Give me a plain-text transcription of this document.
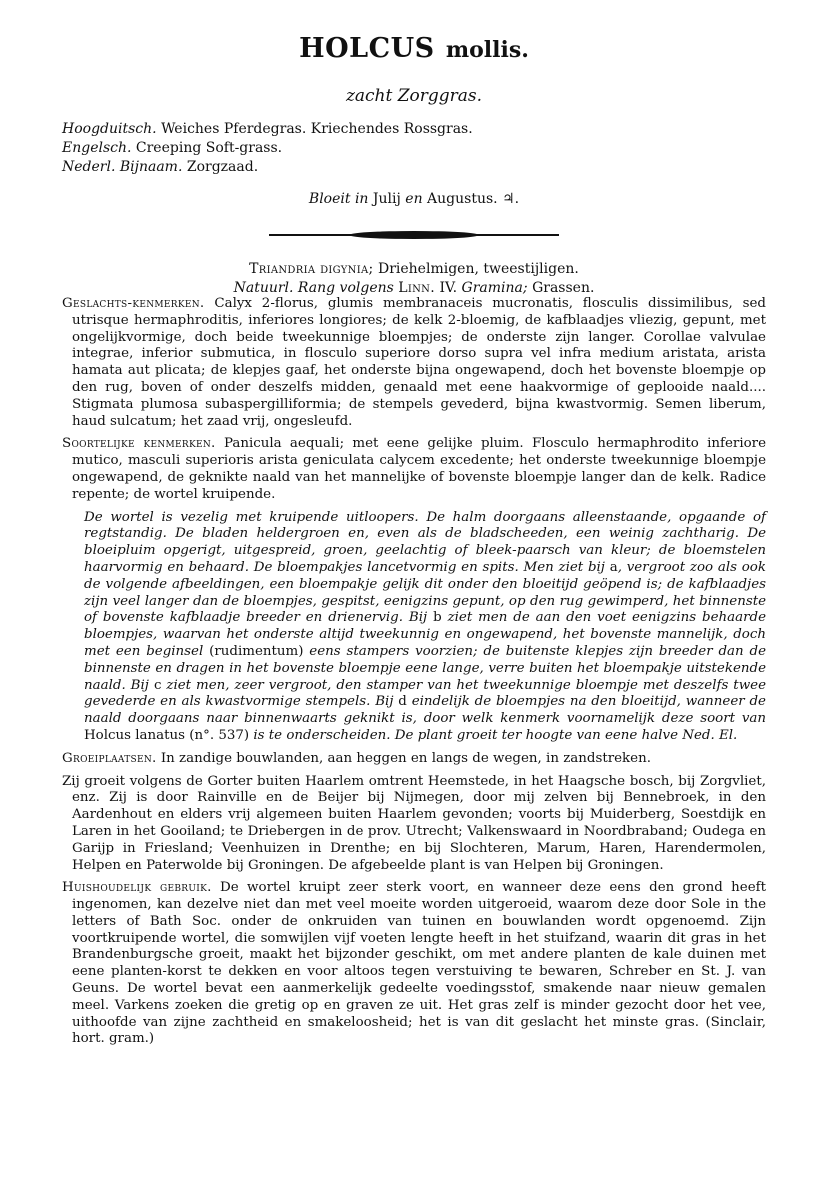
HOLCUS mollis.
zacht Zorggras.
Hoogduitsch. Weiches Pferdegras. Kriechendes Rossgras.
Engelsch. Creeping Soft-grass.
Nederl. Bijnaam. Zorgzaad.
Bloeit in Julij en Augustus. ♃.
Triandria digynia; Driehelmigen, tweestijligen.
Natuurl. Rang volgens Linn. IV. Gramina; Grassen.

Geslachts-kenmerken. Calyx 2-florus, glumis membranaceis mucronatis, flosculis dissimilibus, sed utrisque hermaphroditis, inferiores longiores; de kelk 2-bloemig, de kafblaadjes vliezig, gepunt, met ongelijkvormige, doch beide tweekunnige bloempjes; de onderste zijn langer. Corollae valvulae integrae, inferior submutica, in flosculo superiore dorso supra vel infra medium aristata, arista hamata aut plicata; de klepjes gaaf, het onderste bijna ongewapend, doch het bovenste bloempje op den rug, boven of onder deszelfs midden, genaald met eene haakvormige of geplooide naald.... Stigmata plumosa subaspergilliformia; de stempels gevederd, bijna kwastvormig. Semen liberum, haud sulcatum; het zaad vrij, ongesleufd.

Soortelijke kenmerken. Panicula aequali; met eene gelijke pluim. Flosculo hermaphrodito inferiore mutico, masculi superioris arista geniculata calycem excedente; het onderste tweekunnige bloempje ongewapend, de geknikte naald van het mannelijke of bovenste bloempje langer dan de kelk. Radice repente; de wortel kruipende.

De wortel is vezelig met kruipende uitloopers. De halm doorgaans alleenstaande, opgaande of regtstandig. De bladen heldergroen en, even als de bladscheeden, een weinig zachtharig. De bloeipluim opgerigt, uitgespreid, groen, geelachtig of bleek-paarsch van kleur; de bloemstelen haarvormig en behaard. De bloempakjes lancetvormig en spits. Men ziet bij a, vergroot zoo als ook de volgende afbeeldingen, een bloempakje gelijk dit onder den bloeitijd geöpend is; de kafblaadjes zijn veel langer dan de bloempjes, gespitst, eenigzins gepunt, op den rug gewimperd, het binnenste of bovenste kafblaadje breeder en drienervig. Bij b ziet men de aan den voet eenigzins behaarde bloempjes, waarvan het onderste altijd tweekunnig en ongewapend, het bovenste mannelijk, doch met een beginsel (rudimentum) eens stampers voorzien; de buitenste klepjes zijn breeder dan de binnenste en dragen in het bovenste bloempje eene lange, verre buiten het bloempakje uitstekende naald. Bij c ziet men, zeer vergroot, den stamper van het tweekunnige bloempje met deszelfs twee gevederde en als kwastvormige stempels. Bij d eindelijk de bloempjes na den bloeitijd, wanneer de naald doorgaans naar binnenwaarts geknikt is, door welk kenmerk voornamelijk deze soort van Holcus lanatus (n°. 537) is te onderscheiden. De plant groeit ter hoogte van eene halve Ned. El.

Groeiplaatsen. In zandige bouwlanden, aan heggen en langs de wegen, in zandstreken.

Zij groeit volgens de Gorter buiten Haarlem omtrent Heemstede, in het Haagsche bosch, bij Zorgvliet, enz. Zij is door Rainville en de Beijer bij Nijmegen, door mij zelven bij Bennebroek, in den Aardenhout en elders vrij algemeen buiten Haarlem gevonden; voorts bij Muiderberg, Soestdijk en Laren in het Gooiland; te Driebergen in de prov. Utrecht; Valkenswaard in Noordbraband; Oudega en Garijp in Friesland; Veenhuizen in Drenthe; en bij Slochteren, Marum, Haren, Harendermolen, Helpen en Paterwolde bij Groningen. De afgebeelde plant is van Helpen bij Groningen.

Huishoudelijk gebruik. De wortel kruipt zeer sterk voort, en wanneer deze eens den grond heeft ingenomen, kan dezelve niet dan met veel moeite worden uitgeroeid, waarom deze door Sole in the letters of Bath Soc. onder de onkruiden van tuinen en bouwlanden wordt opgenoemd. Zijn voortkruipende wortel, die somwijlen vijf voeten lengte heeft in het stuifzand, waarin dit gras in het Brandenburgsche groeit, maakt het bijzonder geschikt, om met andere planten de kale duinen met eene planten-korst te dekken en voor altoos tegen verstuiving te bewaren, Schreber en St. J. van Geuns. De wortel bevat een aanmerkelijk gedeelte voedingsstof, smakende naar nieuw gemalen meel. Varkens zoeken die gretig op en graven ze uit. Het gras zelf is minder gezocht door het vee, uithoofde van zijne zachtheid en smakeloosheid; het is van dit geslacht het minste gras. (Sinclair, hort. gram.)
